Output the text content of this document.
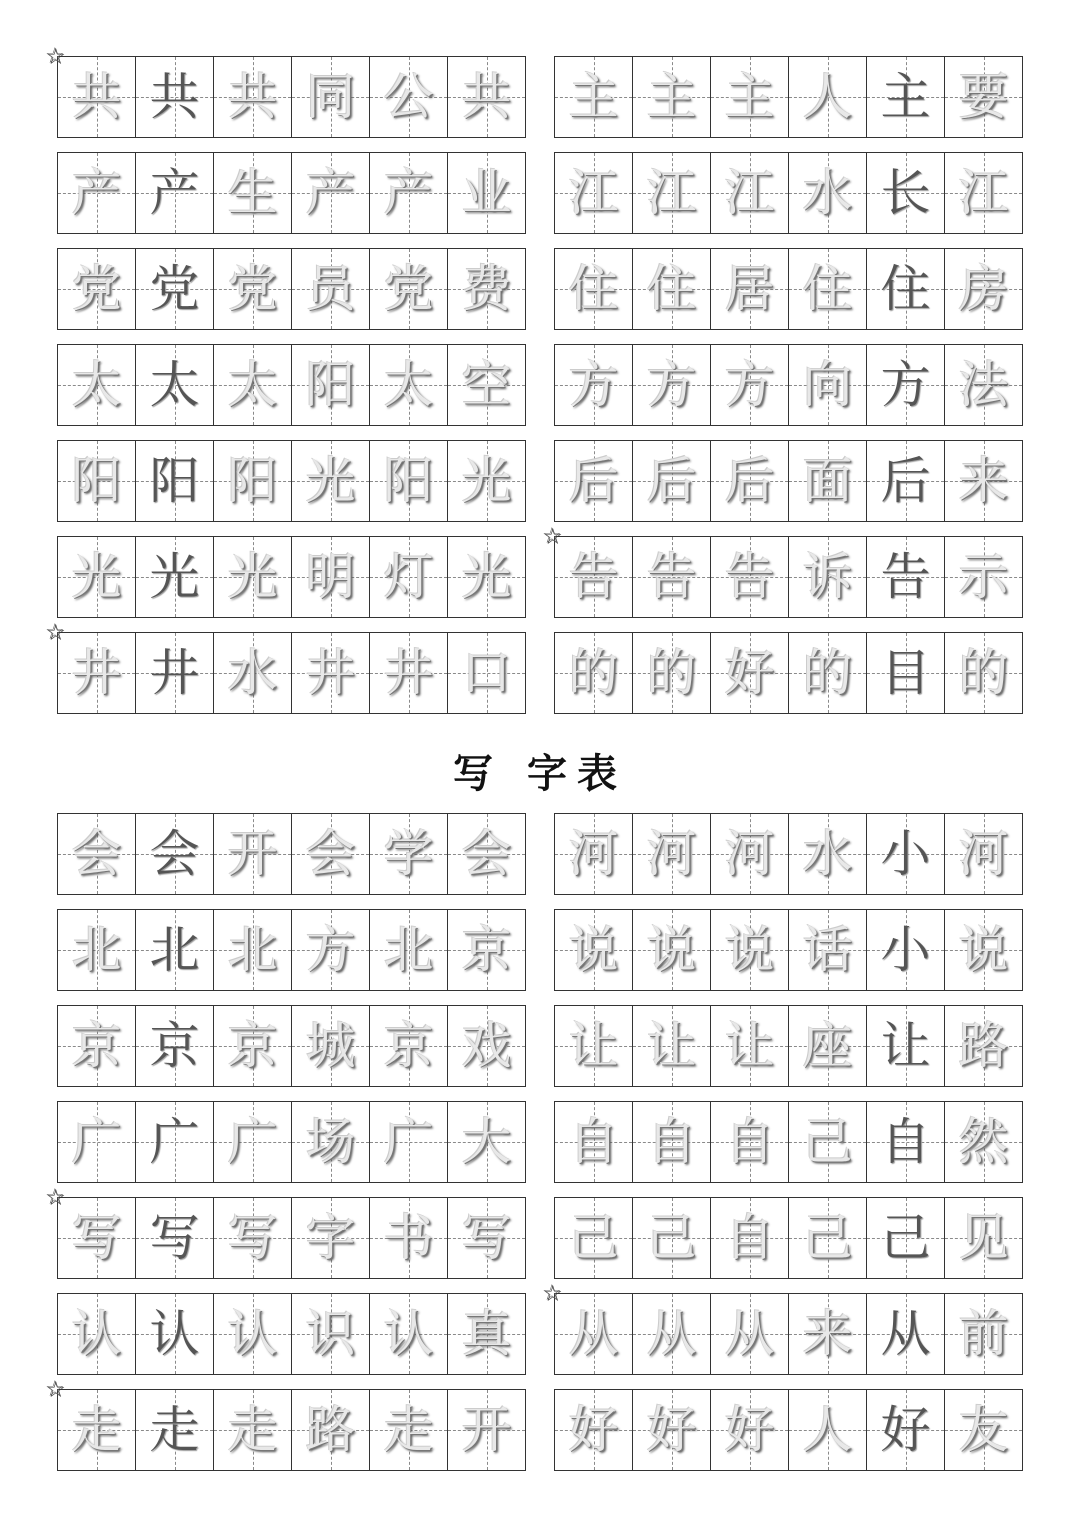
☆
共 共 共 同 公 共 主 主 主 人 主 要
产 产 生 产 产 业 江 江 江 水 长 江
党 党 党 员 党 费 住 住 居 住 住 房
太 太 太 阳 太 空 方 方 方 向 方 法
阳 阳 阳 光 阳 光 后 后 后 面 后 来
光 光 光 明 灯 光
☆
告 告 告 诉 告 示
☆
井 井 水 井 井 口 的 的 好 的 目 的
写 字表
会 会 开 会 学 会 河 河 河 水 小 河
北 北 北 方 北 京 说 说 说 话 小 说
京 京 京 城 京 戏 让 让 让 座 让 路
广 广 广 场 广 大 自 自 自 己 自 然
☆
写 写 写 字 书 写 己 己 自 己 己 见
认 认 认 识 认 真
☆
从 从 从 来 从 前
☆
走 走 走 路 走 开 好 好 好 人 好 友
